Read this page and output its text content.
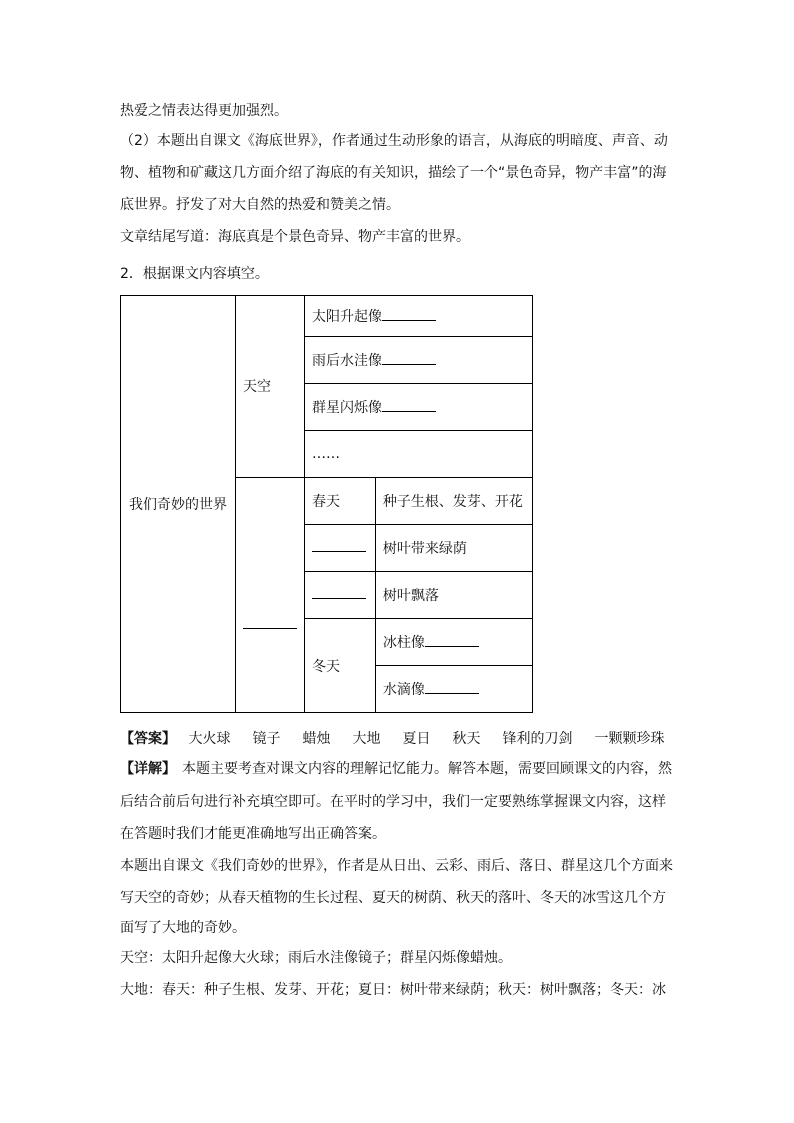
热爱之情表达得更加强烈。
（2）本题出自课文《海底世界》，作者通过生动形象的语言，从海底的明暗度、声音、动
物、植物和矿藏这几方面介绍了海底的有关知识，描绘了一个“景色奇异，物产丰富”的海
底世界。抒发了对大自然的热爱和赞美之情。
文章结尾写道：海底真是个景色奇异、物产丰富的世界。
2．根据课文内容填空。
我们奇妙的世界	天空	太阳升起像	
		雨后水洼像	
		群星闪烁像	
		……	
		春天	种子生根、发芽、开花
			树叶带来绿荫
			树叶飘落
		冬天	冰柱像
			水滴像
【答案】 大火球 镜子 蜡烛 大地 夏日 秋天 锋利的刀剑 一颗颗珍珠
【详解】 本题主要考查对课文内容的理解记忆能力。解答本题，需要回顾课文的内容，然
后结合前后句进行补充填空即可。在平时的学习中，我们一定要熟练掌握课文内容，这样
在答题时我们才能更准确地写出正确答案。
本题出自课文《我们奇妙的世界》，作者是从日出、云彩、雨后、落日、群星这几个方面来
写天空的奇妙；从春天植物的生长过程、夏天的树荫、秋天的落叶、冬天的冰雪这几个方
面写了大地的奇妙。
天空：太阳升起像大火球；雨后水洼像镜子；群星闪烁像蜡烛。
大地：春天：种子生根、发芽、开花；夏日：树叶带来绿荫；秋天：树叶飘落；冬天：冰
